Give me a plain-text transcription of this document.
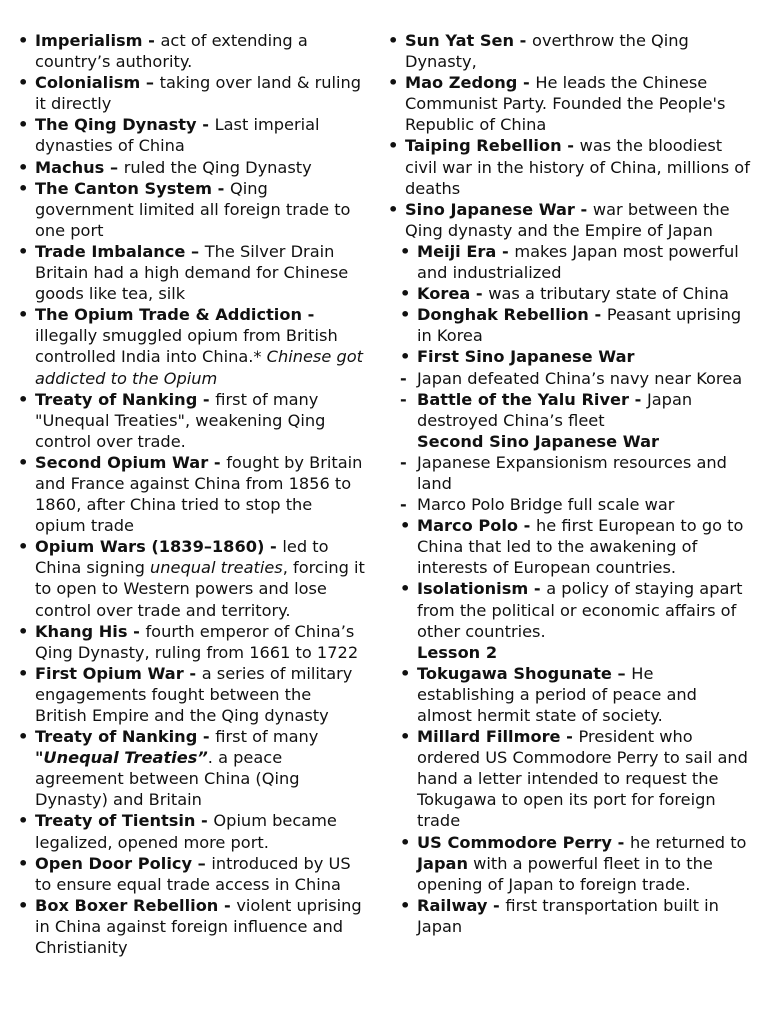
• Imperialism - act of extending a country’s authority.
• Colonialism – taking over land & ruling it directly
• The Qing Dynasty - Last imperial dynasties of China
• Machus – ruled the Qing Dynasty
• The Canton System - Qing government limited all foreign trade to one port
• Trade Imbalance – The Silver Drain Britain had a high demand for Chinese goods like tea, silk
• The Opium Trade & Addiction - illegally smuggled opium from British controlled India into China.* Chinese got addicted to the Opium
• Treaty of Nanking - first of many "Unequal Treaties", weakening Qing control over trade.
• Second Opium War - fought by Britain and France against China from 1856 to 1860, after China tried to stop the opium trade
• Opium Wars (1839–1860) - led to China signing unequal treaties, forcing it to open to Western powers and lose control over trade and territory.
• Khang His - fourth emperor of China’s Qing Dynasty, ruling from 1661 to 1722
• First Opium War - a series of military engagements fought between the British Empire and the Qing dynasty
• Treaty of Nanking - first of many "Unequal Treaties”. a peace agreement between China (Qing Dynasty) and Britain
• Treaty of Tientsin - Opium became legalized, opened more port.
• Open Door Policy – introduced by US to ensure equal trade access in China
• Box Boxer Rebellion - violent uprising in China against foreign influence and Christianity
• Sun Yat Sen - overthrow the Qing Dynasty,
• Mao Zedong - He leads the Chinese Communist Party. Founded the People's Republic of China
• Taiping Rebellion - was the bloodiest civil war in the history of China, millions of deaths
• Sino Japanese War - war between the Qing dynasty and the Empire of Japan
• Meiji Era - makes Japan most powerful and industrialized
• Korea - was a tributary state of China
• Donghak Rebellion - Peasant uprising in Korea
• First Sino Japanese War
- Japan defeated China’s navy near Korea
- Battle of the Yalu River - Japan destroyed China’s fleet
Second Sino Japanese War
- Japanese Expansionism resources and land
- Marco Polo Bridge full scale war
• Marco Polo - he first European to go to China that led to the awakening of interests of European countries.
• Isolationism - a policy of staying apart from the political or economic affairs of other countries.
Lesson 2
• Tokugawa Shogunate – He establishing a period of peace and almost hermit state of society.
• Millard Fillmore - President who ordered US Commodore Perry to sail and hand a letter intended to request the Tokugawa to open its port for foreign trade
• US Commodore Perry - he returned to Japan with a powerful fleet in to the opening of Japan to foreign trade.
• Railway - first transportation built in Japan
